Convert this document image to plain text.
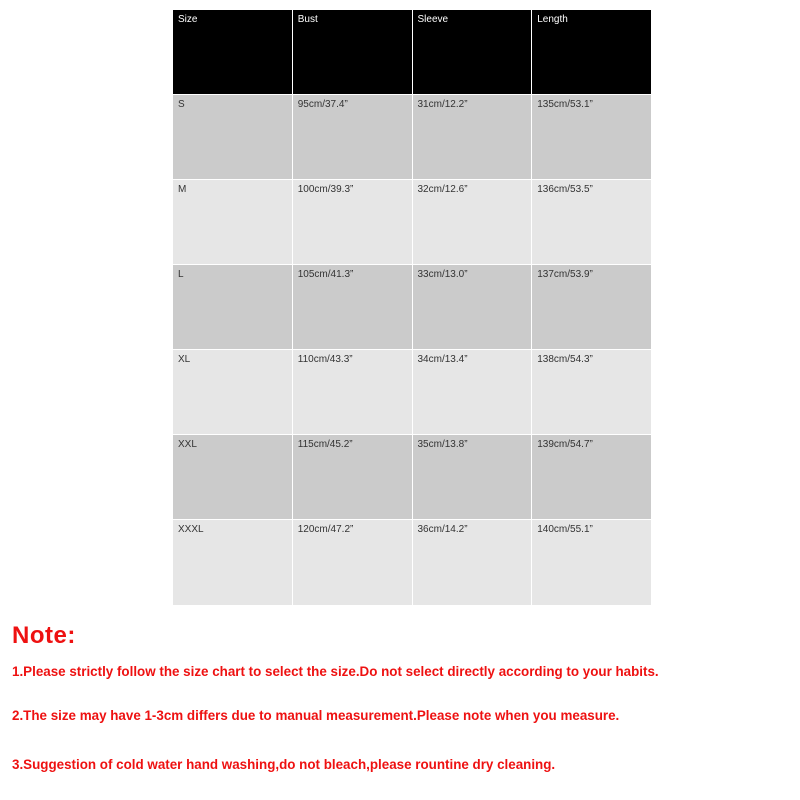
Size	Bust	Sleeve	Length
S	95cm/37.4”	31cm/12.2”	135cm/53.1”
M	100cm/39.3”	32cm/12.6”	136cm/53.5”
L	105cm/41.3”	33cm/13.0”	137cm/53.9”
XL	110cm/43.3”	34cm/13.4”	138cm/54.3”
XXL	115cm/45.2”	35cm/13.8”	139cm/54.7”
XXXL	120cm/47.2”	36cm/14.2”	140cm/55.1”

Note:

1.Please strictly follow the size chart to select the size.Do not select directly according to your habits.

2.The size may have 1-3cm differs due to manual measurement.Please note when you measure.

3.Suggestion of cold water hand washing,do not bleach,please rountine dry cleaning.
